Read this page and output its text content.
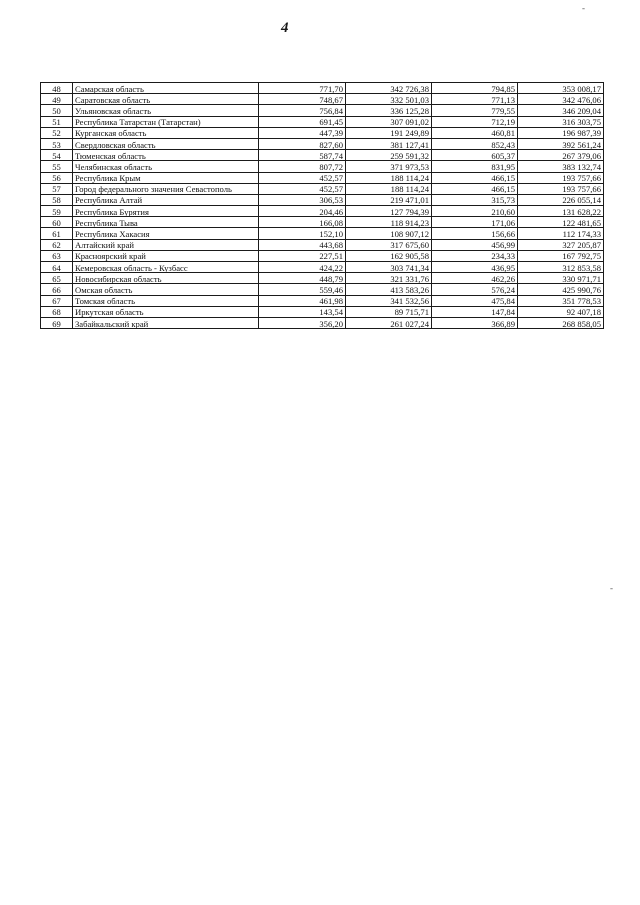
4
-
-
48	Самарская область	771,70	342 726,38	794,85	353 008,17
49	Саратовская область	748,67	332 501,03	771,13	342 476,06
50	Ульяновская область	756,84	336 125,28	779,55	346 209,04
51	Республика Татарстан (Татарстан)	691,45	307 091,02	712,19	316 303,75
52	Курганская область	447,39	191 249,89	460,81	196 987,39
53	Свердловская область	827,60	381 127,41	852,43	392 561,24
54	Тюменская область	587,74	259 591,32	605,37	267 379,06
55	Челябинская область	807,72	371 973,53	831,95	383 132,74
56	Республика Крым	452,57	188 114,24	466,15	193 757,66
57	Город федерального значения Севастополь	452,57	188 114,24	466,15	193 757,66
58	Республика Алтай	306,53	219 471,01	315,73	226 055,14
59	Республика Бурятия	204,46	127 794,39	210,60	131 628,22
60	Республика Тыва	166,08	118 914,23	171,06	122 481,65
61	Республика Хакасия	152,10	108 907,12	156,66	112 174,33
62	Алтайский край	443,68	317 675,60	456,99	327 205,87
63	Красноярский край	227,51	162 905,58	234,33	167 792,75
64	Кемеровская область - Кузбасс	424,22	303 741,34	436,95	312 853,58
65	Новосибирская область	448,79	321 331,76	462,26	330 971,71
66	Омская область	559,46	413 583,26	576,24	425 990,76
67	Томская область	461,98	341 532,56	475,84	351 778,53
68	Иркутская область	143,54	89 715,71	147,84	92 407,18
69	Забайкальский край	356,20	261 027,24	366,89	268 858,05
